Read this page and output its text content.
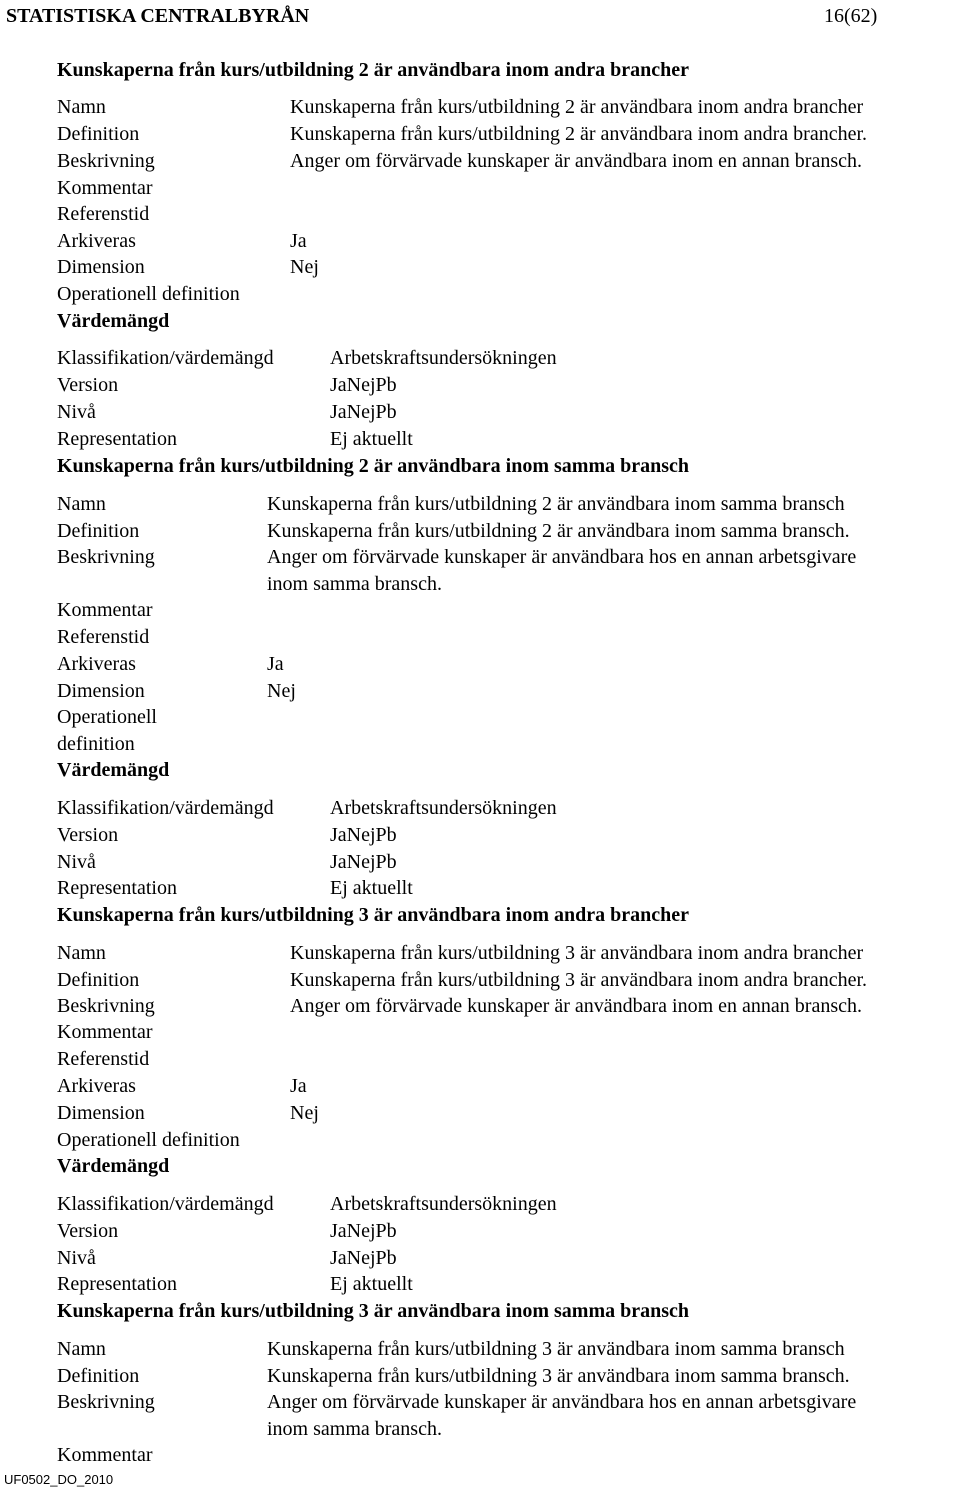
STATISTISKA CENTRALBYRÅN	16(62)
Kunskaperna från kurs/utbildning 2 är användbara inom andra brancher
Namn	Kunskaperna från kurs/utbildning 2 är användbara inom andra brancher
Definition	Kunskaperna från kurs/utbildning 2 är användbara inom andra brancher.
Beskrivning	Anger om förvärvade kunskaper är användbara inom en annan bransch.
Kommentar
Referenstid
Arkiveras	Ja
Dimension	Nej
Operationell definition
Värdemängd
Klassifikation/värdemängd	Arbetskraftsundersökningen
Version	JaNejPb
Nivå	JaNejPb
Representation	Ej aktuellt
Kunskaperna från kurs/utbildning 2 är användbara inom samma bransch
Namn	Kunskaperna från kurs/utbildning 2 är användbara inom samma bransch
Definition	Kunskaperna från kurs/utbildning 2 är användbara inom samma bransch.
Beskrivning	Anger om förvärvade kunskaper är användbara hos en annan arbetsgivare
inom samma bransch.
Kommentar
Referenstid
Arkiveras	Ja
Dimension	Nej
Operationell
definition
Värdemängd
Klassifikation/värdemängd	Arbetskraftsundersökningen
Version	JaNejPb
Nivå	JaNejPb
Representation	Ej aktuellt
Kunskaperna från kurs/utbildning 3 är användbara inom andra brancher
Namn	Kunskaperna från kurs/utbildning 3 är användbara inom andra brancher
Definition	Kunskaperna från kurs/utbildning 3 är användbara inom andra brancher.
Beskrivning	Anger om förvärvade kunskaper är användbara inom en annan bransch.
Kommentar
Referenstid
Arkiveras	Ja
Dimension	Nej
Operationell definition
Värdemängd
Klassifikation/värdemängd	Arbetskraftsundersökningen
Version	JaNejPb
Nivå	JaNejPb
Representation	Ej aktuellt
Kunskaperna från kurs/utbildning 3 är användbara inom samma bransch
Namn	Kunskaperna från kurs/utbildning 3 är användbara inom samma bransch
Definition	Kunskaperna från kurs/utbildning 3 är användbara inom samma bransch.
Beskrivning	Anger om förvärvade kunskaper är användbara hos en annan arbetsgivare
inom samma bransch.
Kommentar
UF0502_DO_2010
